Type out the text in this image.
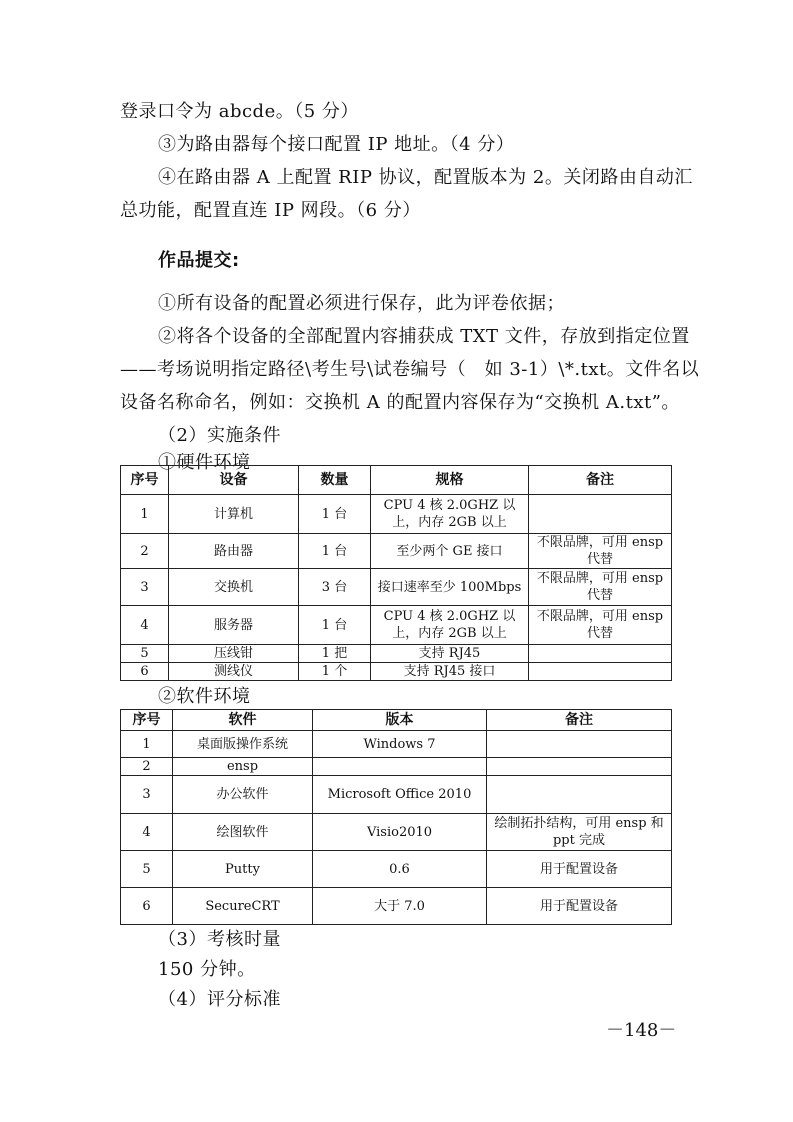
登录口令为 abcde。（5 分）
③为路由器每个接口配置 IP 地址。（4 分）
④在路由器 A 上配置 RIP 协议，配置版本为 2。关闭路由自动汇
总功能，配置直连 IP 网段。（6 分）
作品提交:
①所有设备的配置必须进行保存，此为评卷依据；
②将各个设备的全部配置内容捕获成 TXT 文件，存放到指定位置
——考场说明指定路径\考生号\试卷编号（　如 3-1）\*.txt。文件名以
设备名称命名，例如：交换机 A 的配置内容保存为“交换机 A.txt”。
（2）实施条件
①硬件环境
序号	设备	数量	规格	备注
1	计算机	1 台	CPU 4 核 2.0GHZ 以上，内存 2GB 以上	
2	路由器	1 台	至少两个 GE 接口	不限品牌，可用 ensp 代替
3	交换机	3 台	接口速率至少 100Mbps	不限品牌，可用 ensp 代替
4	服务器	1 台	CPU 4 核 2.0GHZ 以上，内存 2GB 以上	不限品牌，可用 ensp 代替
5	压线钳	1 把	支持 RJ45	
6	测线仪	1 个	支持 RJ45 接口	
②软件环境
序号	软件	版本	备注
1	桌面版操作系统	Windows 7	
2	ensp		
3	办公软件	Microsoft Office 2010	
4	绘图软件	Visio2010	绘制拓扑结构，可用 ensp 和 ppt 完成
5	Putty	0.6	用于配置设备
6	SecureCRT	大于 7.0	用于配置设备
（3）考核时量
150 分钟。
（4）评分标准
－148－
